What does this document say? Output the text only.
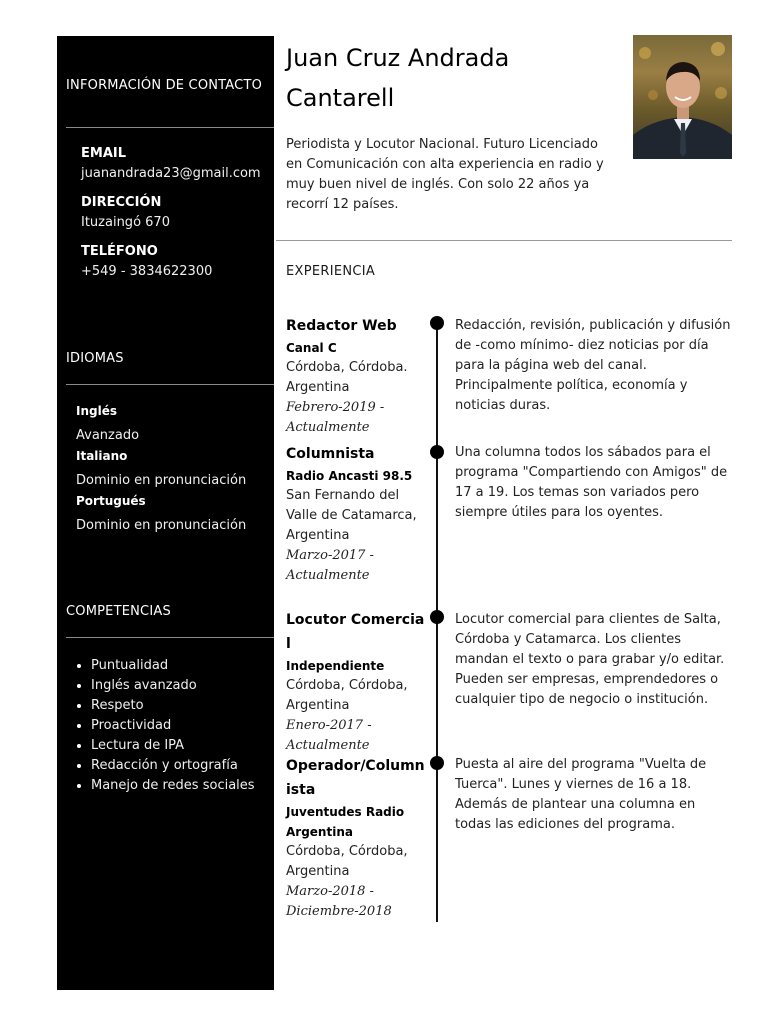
INFORMACIÓN DE CONTACTO
EMAIL
juanandrada23@gmail.com
DIRECCIÓN
Ituzaingó 670
TELÉFONO
+549 - 3834622300
IDIOMAS
Inglés
Avanzado
Italiano
Dominio en pronunciación
Portugués
Dominio en pronunciación
COMPETENCIAS
Puntualidad
Inglés avanzado
Respeto
Proactividad
Lectura de IPA
Redacción y ortografía
Manejo de redes sociales
Juan Cruz Andrada Cantarell
Periodista y Locutor Nacional. Futuro Licenciado en Comunicación con alta experiencia en radio y muy buen nivel de inglés. Con solo 22 años ya recorrí 12 países.
EXPERIENCIA
Redactor Web
Canal C
Córdoba, Córdoba. Argentina
Febrero-2019 - Actualmente
Redacción, revisión, publicación y difusión de -como mínimo- diez noticias por día para la página web del canal. Principalmente política, economía y noticias duras.
Columnista
Radio Ancasti 98.5
San Fernando del Valle de Catamarca, Argentina
Marzo-2017 - Actualmente
Una columna todos los sábados para el programa "Compartiendo con Amigos" de 17 a 19. Los temas son variados pero siempre útiles para los oyentes.
Locutor Comercial
Independiente
Córdoba, Córdoba, Argentina
Enero-2017 - Actualmente
Locutor comercial para clientes de Salta, Córdoba y Catamarca. Los clientes mandan el texto o para grabar y/o editar. Pueden ser empresas, emprendedores o cualquier tipo de negocio o institución.
Operador/Columnista
Juventudes Radio Argentina
Córdoba, Córdoba, Argentina
Marzo-2018 - Diciembre-2018
Puesta al aire del programa "Vuelta de Tuerca". Lunes y viernes de 16 a 18. Además de plantear una columna en todas las ediciones del programa.
